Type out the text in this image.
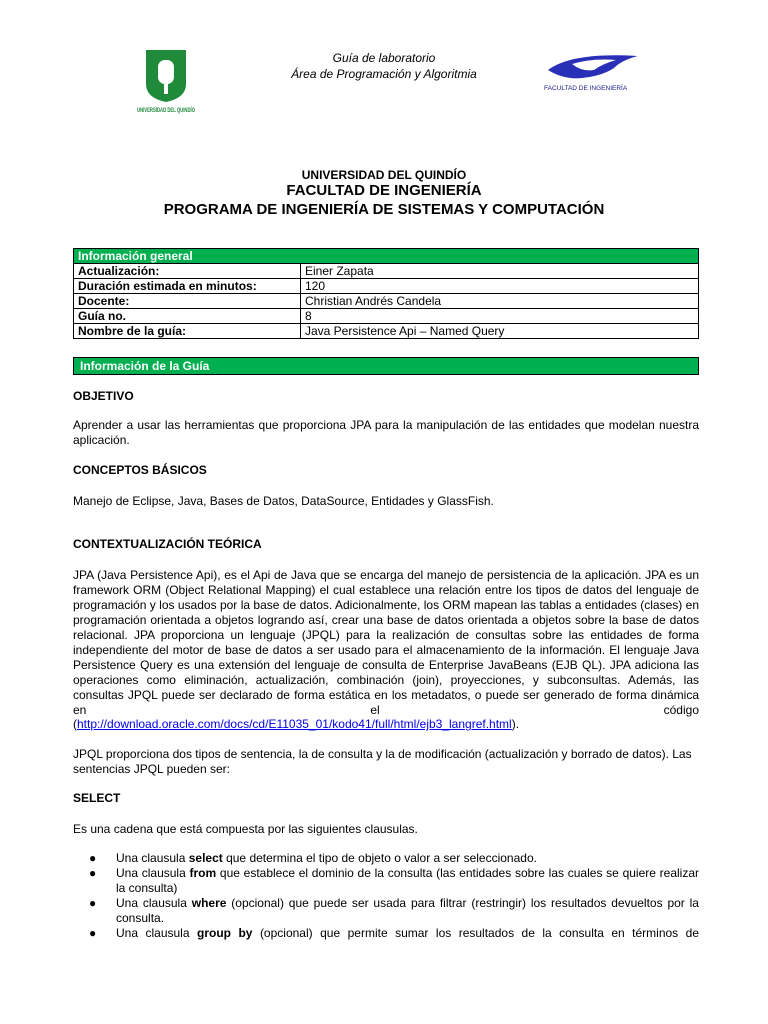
Guía de laboratorio
Área de Programación y Algoritmia
UNIVERSIDAD DEL QUINDÍO
FACULTAD DE INGENIERÍA
UNIVERSIDAD DEL QUINDÍO
FACULTAD DE INGENIERÍA
PROGRAMA DE INGENIERÍA DE SISTEMAS Y COMPUTACIÓN
Información general	
Actualización:	Einer Zapata
Duración estimada en minutos:	120
Docente:	Christian Andrés Candela
Guía no.	8
Nombre de la guía:	Java Persistence Api – Named Query
Información de la Guía
OBJETIVO
Aprender a usar las herramientas que proporciona JPA para la manipulación de las entidades que modelan nuestra aplicación.
CONCEPTOS BÁSICOS
Manejo de Eclipse, Java, Bases de Datos, DataSource, Entidades y GlassFish.
CONTEXTUALIZACIÓN TEÓRICA
JPA (Java Persistence Api), es el Api de Java que se encarga del manejo de persistencia de la aplicación. JPA es un framework ORM (Object Relational Mapping) el cual establece una relación entre los tipos de datos del lenguaje de programación y los usados por la base de datos. Adicionalmente, los ORM mapean las tablas a entidades (clases) en programación orientada a objetos logrando así, crear una base de datos orientada a objetos sobre la base de datos relacional. JPA proporciona un lenguaje (JPQL) para la realización de consultas sobre las entidades de forma independiente del motor de base de datos a ser usado para el almacenamiento de la información. El lenguaje Java Persistence Query es una extensión del lenguaje de consulta de Enterprise JavaBeans (EJB QL). JPA adiciona las operaciones como eliminación, actualización, combinación (join), proyecciones, y subconsultas. Además, las consultas JPQL puede ser declarado de forma estática en los metadatos, o puede ser generado de forma dinámica en el código
(http://download.oracle.com/docs/cd/E11035_01/kodo41/full/html/ejb3_langref.html).
JPQL proporciona dos tipos de sentencia, la de consulta y la de modificación (actualización y borrado de datos). Las sentencias JPQL pueden ser:
SELECT
Es una cadena que está compuesta por las siguientes clausulas.
● Una clausula select que determina el tipo de objeto o valor a ser seleccionado.
● Una clausula from que establece el dominio de la consulta (las entidades sobre las cuales se quiere realizar la consulta)
● Una clausula where (opcional) que puede ser usada para filtrar (restringir) los resultados devueltos por la consulta.
● Una clausula group by (opcional) que permite sumar los resultados de la consulta en términos de
